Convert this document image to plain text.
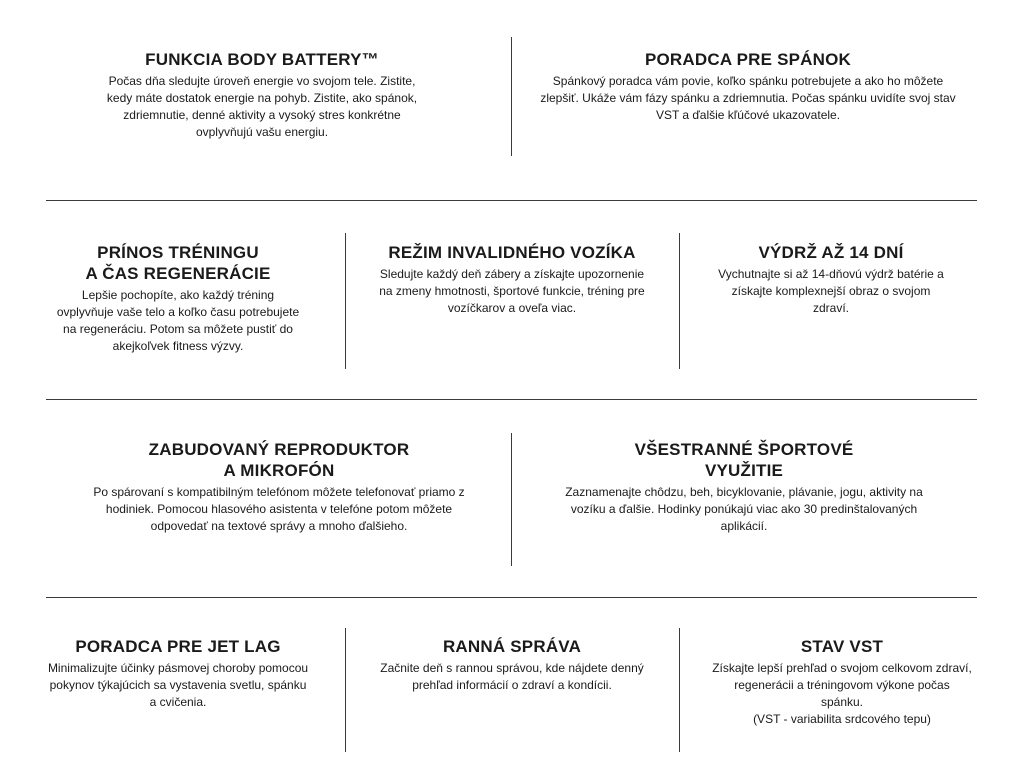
FUNKCIA BODY BATTERY™

Počas dňa sledujte úroveň energie vo svojom tele. Zistite, kedy máte dostatok energie na pohyb. Zistite, ako spánok, zdriemnutie, denné aktivity a vysoký stres konkrétne ovplyvňujú vašu energiu.

PORADCA PRE SPÁNOK

Spánkový poradca vám povie, koľko spánku potrebujete a ako ho môžete zlepšiť. Ukáže vám fázy spánku a zdriemnutia. Počas spánku uvidíte svoj stav VST a ďalšie kľúčové ukazovatele.

PRÍNOS TRÉNINGU
A ČAS REGENERÁCIE

Lepšie pochopíte, ako každý tréning ovplyvňuje vaše telo a koľko času potrebujete na regeneráciu. Potom sa môžete pustiť do akejkoľvek fitness výzvy.

REŽIM INVALIDNÉHO VOZÍKA

Sledujte každý deň zábery a získajte upozornenie na zmeny hmotnosti, športové funkcie, tréning pre vozíčkarov a oveľa viac.

VÝDRŽ AŽ 14 DNÍ

Vychutnajte si až 14-dňovú výdrž batérie a získajte komplexnejší obraz o svojom zdraví.

ZABUDOVANÝ REPRODUKTOR
A MIKROFÓN

Po spárovaní s kompatibilným telefónom môžete telefonovať priamo z hodiniek. Pomocou hlasového asistenta v telefóne potom môžete odpovedať na textové správy a mnoho ďalšieho.

VŠESTRANNÉ ŠPORTOVÉ
VYUŽITIE

Zaznamenajte chôdzu, beh, bicyklovanie, plávanie, jogu, aktivity na vozíku a ďalšie. Hodinky ponúkajú viac ako 30 predinštalovaných aplikácií.

PORADCA PRE JET LAG

Minimalizujte účinky pásmovej choroby pomocou pokynov týkajúcich sa vystavenia svetlu, spánku a cvičenia.

RANNÁ SPRÁVA

Začnite deň s rannou správou, kde nájdete denný prehľad informácií o zdraví a kondícii.

STAV VST

Získajte lepší prehľad o svojom celkovom zdraví, regenerácii a tréningovom výkone počas spánku.

(VST - variabilita srdcového tepu)
